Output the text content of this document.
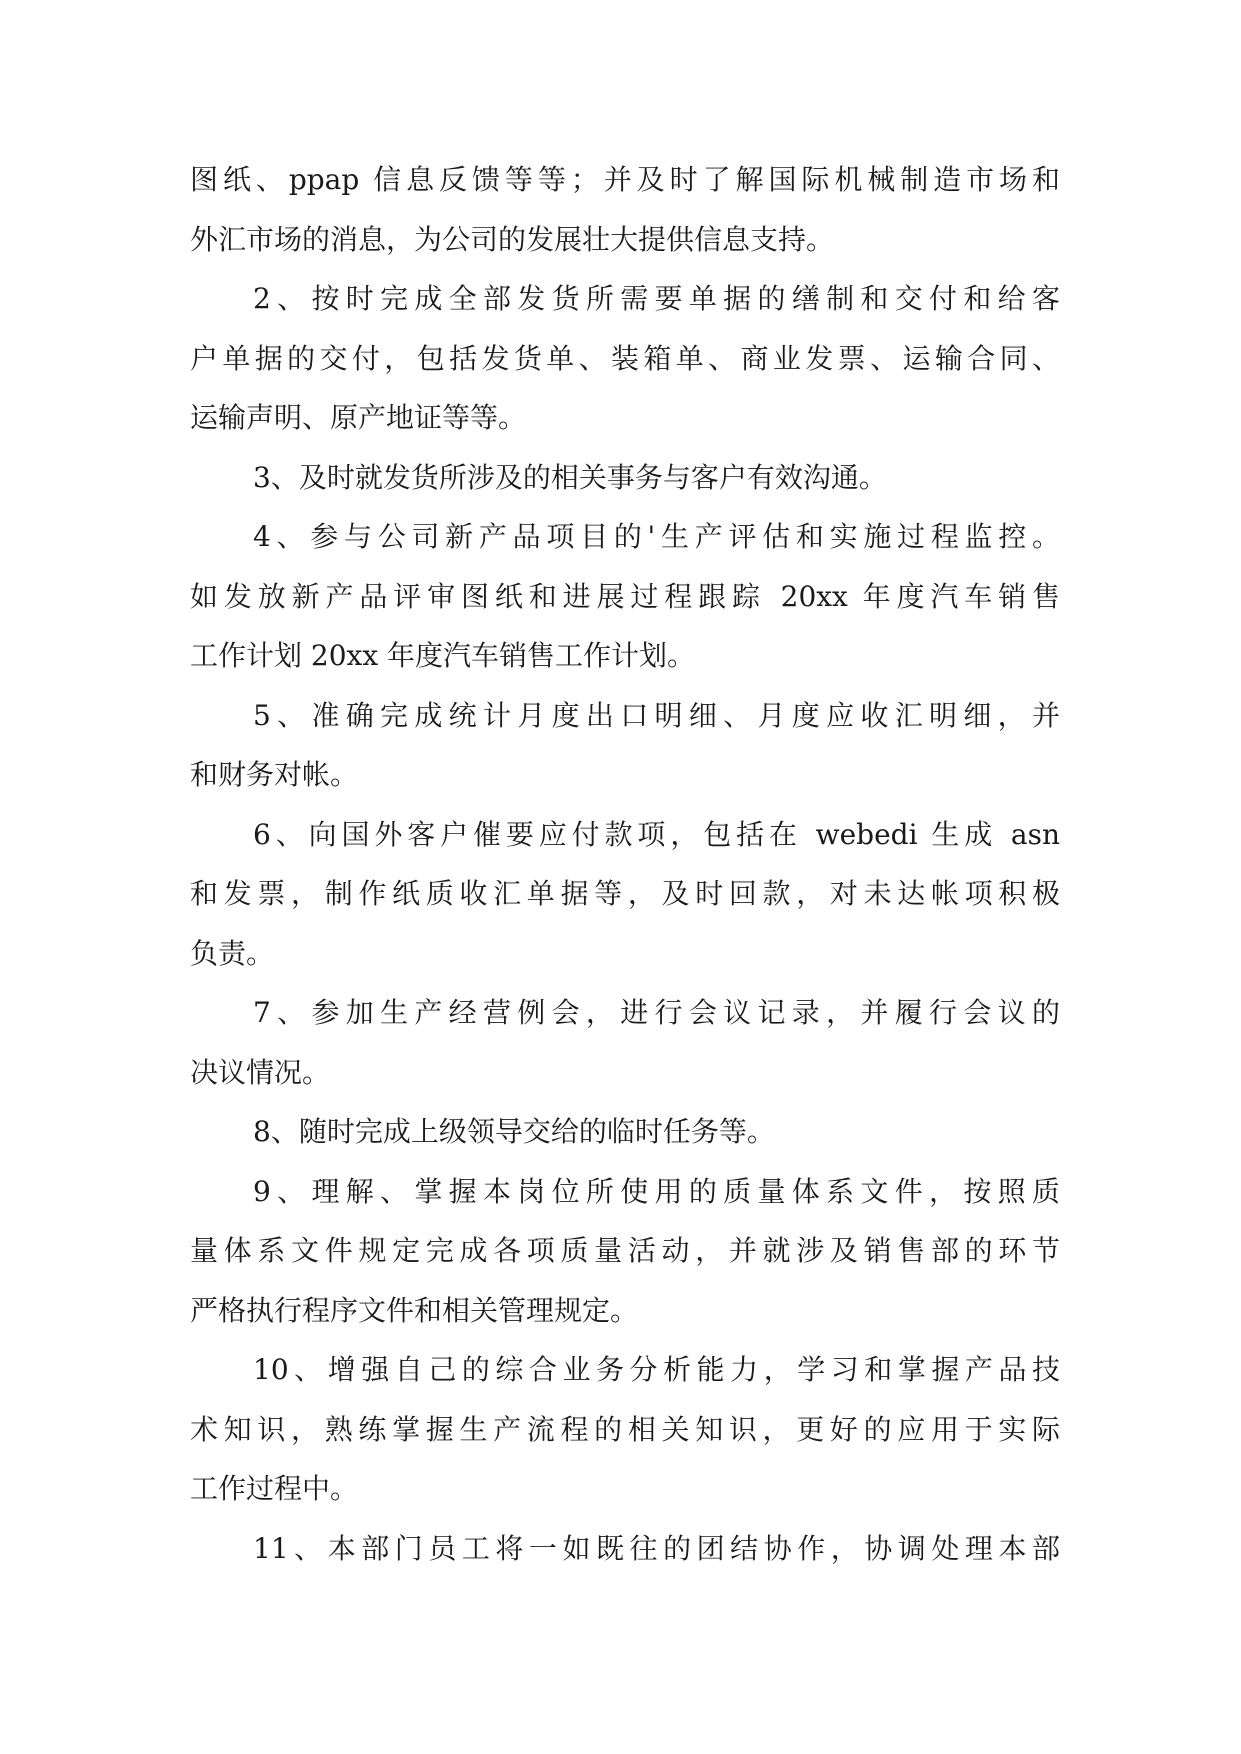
图纸、ppap 信息反馈等等；并及时了解国际机械制造市场和
外汇市场的消息，为公司的发展壮大提供信息支持。
2、按时完成全部发货所需要单据的缮制和交付和给客
户单据的交付，包括发货单、装箱单、商业发票、运输合同、
运输声明、原产地证等等。
3、及时就发货所涉及的相关事务与客户有效沟通。
4、参与公司新产品项目的'生产评估和实施过程监控。
如发放新产品评审图纸和进展过程跟踪 20xx 年度汽车销售
工作计划 20xx 年度汽车销售工作计划。
5、准确完成统计月度出口明细、月度应收汇明细，并
和财务对帐。
6、向国外客户催要应付款项，包括在 webedi 生成 asn
和发票，制作纸质收汇单据等，及时回款，对未达帐项积极
负责。
7、参加生产经营例会，进行会议记录，并履行会议的
决议情况。
8、随时完成上级领导交给的临时任务等。
9、理解、掌握本岗位所使用的质量体系文件，按照质
量体系文件规定完成各项质量活动，并就涉及销售部的环节
严格执行程序文件和相关管理规定。
10、增强自己的综合业务分析能力，学习和掌握产品技
术知识，熟练掌握生产流程的相关知识，更好的应用于实际
工作过程中。
11、本部门员工将一如既往的团结协作，协调处理本部
